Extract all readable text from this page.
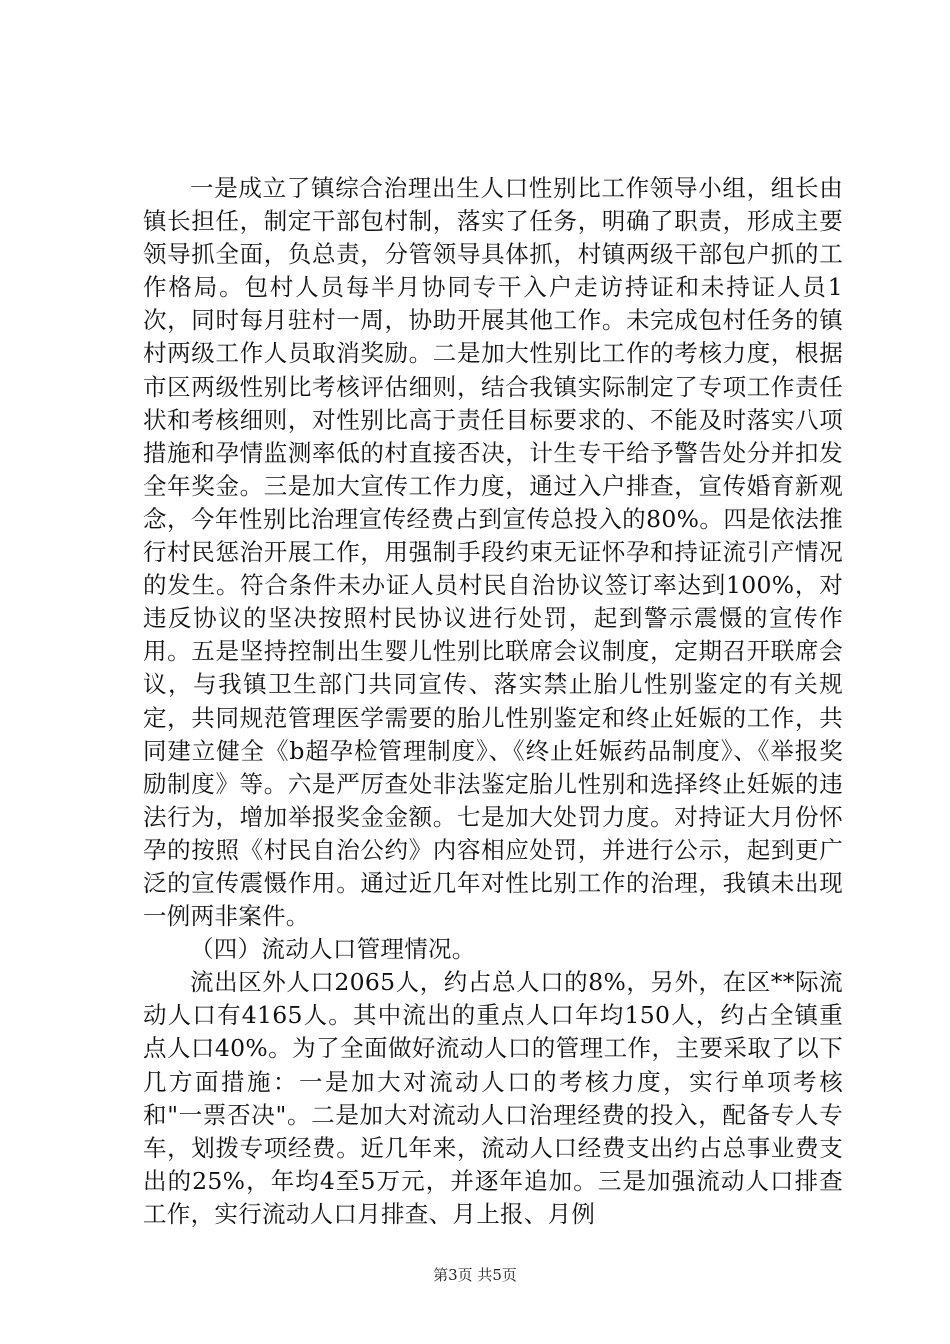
一是成立了镇综合治理出生人口性别比工作领导小组，组长由镇长担任，制定干部包村制，落实了任务，明确了职责，形成主要领导抓全面，负总责，分管领导具体抓，村镇两级干部包户抓的工作格局。包村人员每半月协同专干入户走访持证和未持证人员1次，同时每月驻村一周，协助开展其他工作。未完成包村任务的镇村两级工作人员取消奖励。二是加大性别比工作的考核力度，根据市区两级性别比考核评估细则，结合我镇实际制定了专项工作责任状和考核细则，对性别比高于责任目标要求的、不能及时落实八项措施和孕情监测率低的村直接否决，计生专干给予警告处分并扣发全年奖金。三是加大宣传工作力度，通过入户排查，宣传婚育新观念，今年性别比治理宣传经费占到宣传总投入的80%。四是依法推行村民惩治开展工作，用强制手段约束无证怀孕和持证流引产情况的发生。符合条件未办证人员村民自治协议签订率达到100%，对违反协议的坚决按照村民协议进行处罚，起到警示震慑的宣传作用。五是坚持控制出生婴儿性别比联席会议制度，定期召开联席会议，与我镇卫生部门共同宣传、落实禁止胎儿性别鉴定的有关规定，共同规范管理医学需要的胎儿性别鉴定和终止妊娠的工作，共同建立健全《b超孕检管理制度》、《终止妊娠药品制度》、《举报奖励制度》等。六是严厉查处非法鉴定胎儿性别和选择终止妊娠的违法行为，增加举报奖金金额。七是加大处罚力度。对持证大月份怀孕的按照《村民自治公约》内容相应处罚，并进行公示，起到更广泛的宣传震慑作用。通过近几年对性比别工作的治理，我镇未出现一例两非案件。

（四）流动人口管理情况。

流出区外人口2065人，约占总人口的8%，另外，在区**际流动人口有4165人。其中流出的重点人口年均150人，约占全镇重点人口40%。为了全面做好流动人口的管理工作，主要采取了以下几方面措施：一是加大对流动人口的考核力度，实行单项考核和"一票否决"。二是加大对流动人口治理经费的投入，配备专人专车，划拨专项经费。近几年来，流动人口经费支出约占总事业费支出的25%，年均4至5万元，并逐年追加。三是加强流动人口排查工作，实行流动人口月排查、月上报、月例

第3页 共5页
